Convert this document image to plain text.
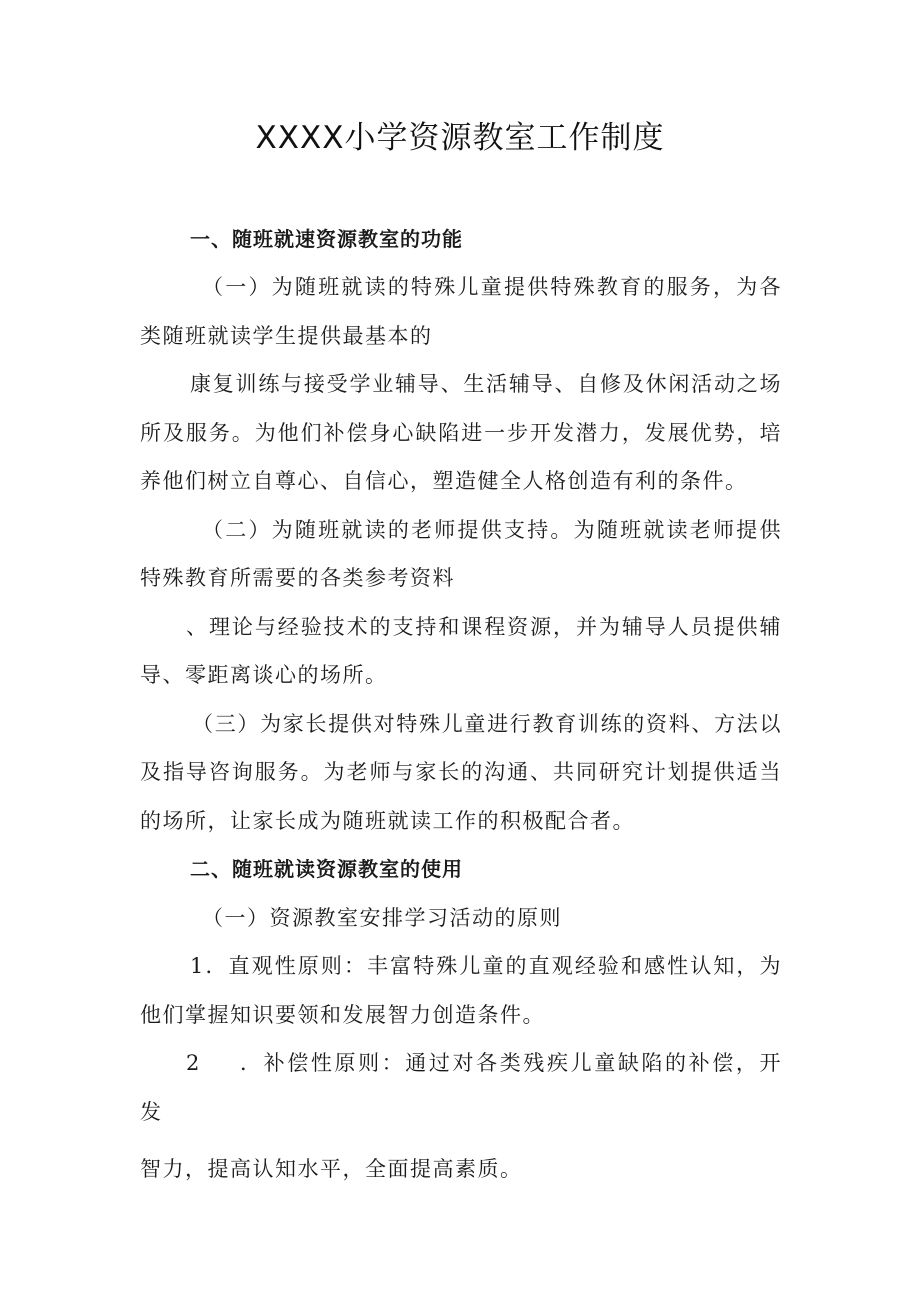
XXXX小学资源教室工作制度
一、随班就速资源教室的功能
（一）为随班就读的特殊儿童提供特殊教育的服务，为各
类随班就读学生提供最基本的
康复训练与接受学业辅导、生活辅导、自修及休闲活动之场
所及服务。为他们补偿身心缺陷进一步开发潜力，发展优势，培
养他们树立自尊心、自信心，塑造健全人格创造有利的条件。
（二）为随班就读的老师提供支持。为随班就读老师提供
特殊教育所需要的各类参考资料
、理论与经验技术的支持和课程资源，并为辅导人员提供辅
导、零距离谈心的场所。
（三）为家长提供对特殊儿童进行教育训练的资料、方法以
及指导咨询服务。为老师与家长的沟通、共同研究计划提供适当
的场所，让家长成为随班就读工作的积极配合者。
二、随班就读资源教室的使用
（一）资源教室安排学习活动的原则
1．直观性原则：丰富特殊儿童的直观经验和感性认知，为
他们掌握知识要领和发展智力创造条件。
2 ．补偿性原则：通过对各类残疾儿童缺陷的补偿，开
发
智力，提高认知水平，全面提高素质。
